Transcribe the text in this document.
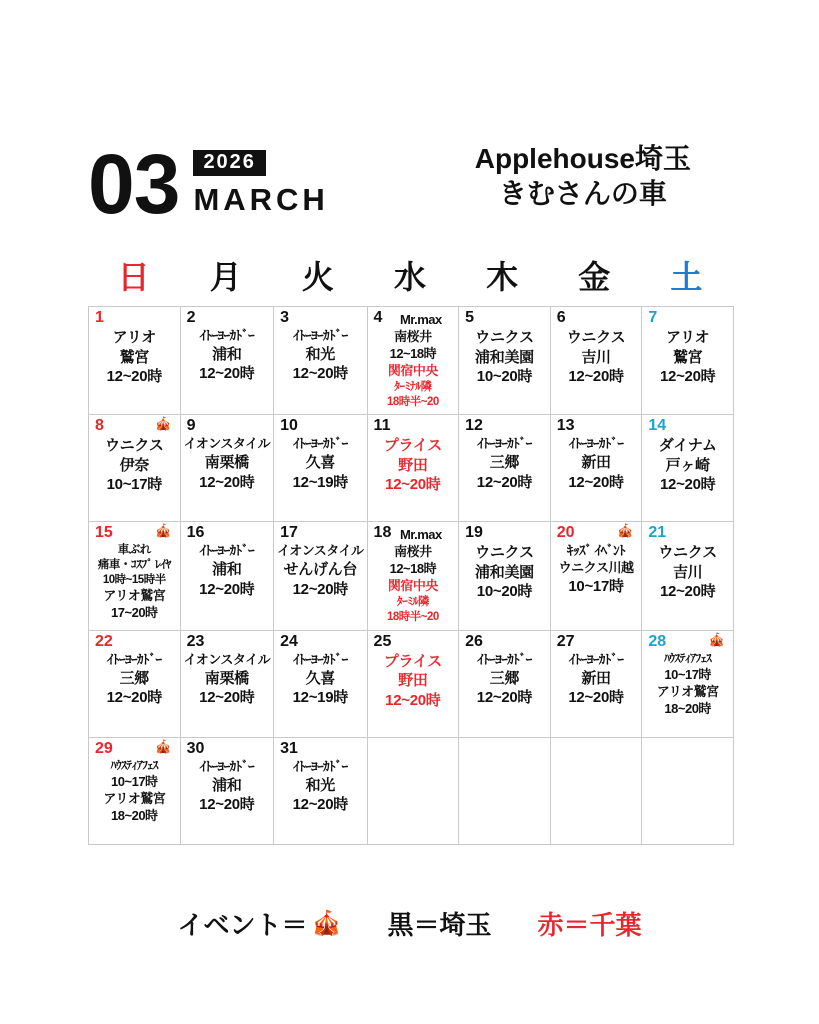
03	2026
MARCH
Applehouse埼玉
きむさんの車
日	月	火	水	木	金	土
1
アリオ
鷲宮
12~20時
2
ｲﾄｰﾖｰｶﾄﾞｰ
浦和
12~20時
3
ｲﾄｰﾖｰｶﾄﾞｰ
和光
12~20時
4 Mr.max
南桜井
12~18時
関宿中央
ﾀｰﾐﾅﾙ隣
18時半~20
5
ウニクス
浦和美園
10~20時
6
ウニクス
吉川
12~20時
7
アリオ
鷲宮
12~20時
8	🎪
ウニクス
伊奈
10~17時
9
イオンスタイル
南栗橋
12~20時
10
ｲﾄｰﾖｰｶﾄﾞｰ
久喜
12~19時
11
プライス
野田
12~20時
12
ｲﾄｰﾖｰｶﾄﾞｰ
三郷
12~20時
13
ｲﾄｰﾖｰｶﾄﾞｰ
新田
12~20時
14
ダイナム
戸ヶ崎
12~20時
15	🎪
車ぶれ
痛車・ｺｽﾌﾟ ﾚｲﾔ
10時~15時半
アリオ鷲宮
17~20時
16
ｲﾄｰﾖｰｶﾄﾞｰ
浦和
12~20時
17
イオンスタイル
せんげん台
12~20時
18 Mr.max
南桜井
12~18時
関宿中央
ﾀｰﾐﾙ隣
18時半~20
19
ウニクス
浦和美園
10~20時
20	🎪
ｷｯｽﾞ ｲﾍﾞﾝﾄ
ウニクス川越
10~17時
21
ウニクス
吉川
12~20時
22
ｲﾄｰﾖｰｶﾄﾞｰ
三郷
12~20時
23
イオンスタイル
南栗橋
12~20時
24
ｲﾄｰﾖｰｶﾄﾞｰ
久喜
12~19時
25
プライス
野田
12~20時
26
ｲﾄｰﾖｰｶﾄﾞｰ
三郷
12~20時
27
ｲﾄｰﾖｰｶﾄﾞｰ
新田
12~20時
28	🎪
ﾊｳｽﾃｨｱﾌｪｽ
10~17時
アリオ鷲宮
18~20時
29	🎪
ﾊｳｽﾃｨｱﾌｪｽ
10~17時
アリオ鷲宮
18~20時
30
ｲﾄｰﾖｰｶﾄﾞｰ
浦和
12~20時
31
ｲﾄｰﾖｰｶﾄﾞｰ
和光
12~20時
イベント＝ 🎪 黒＝埼玉 赤＝千葉
